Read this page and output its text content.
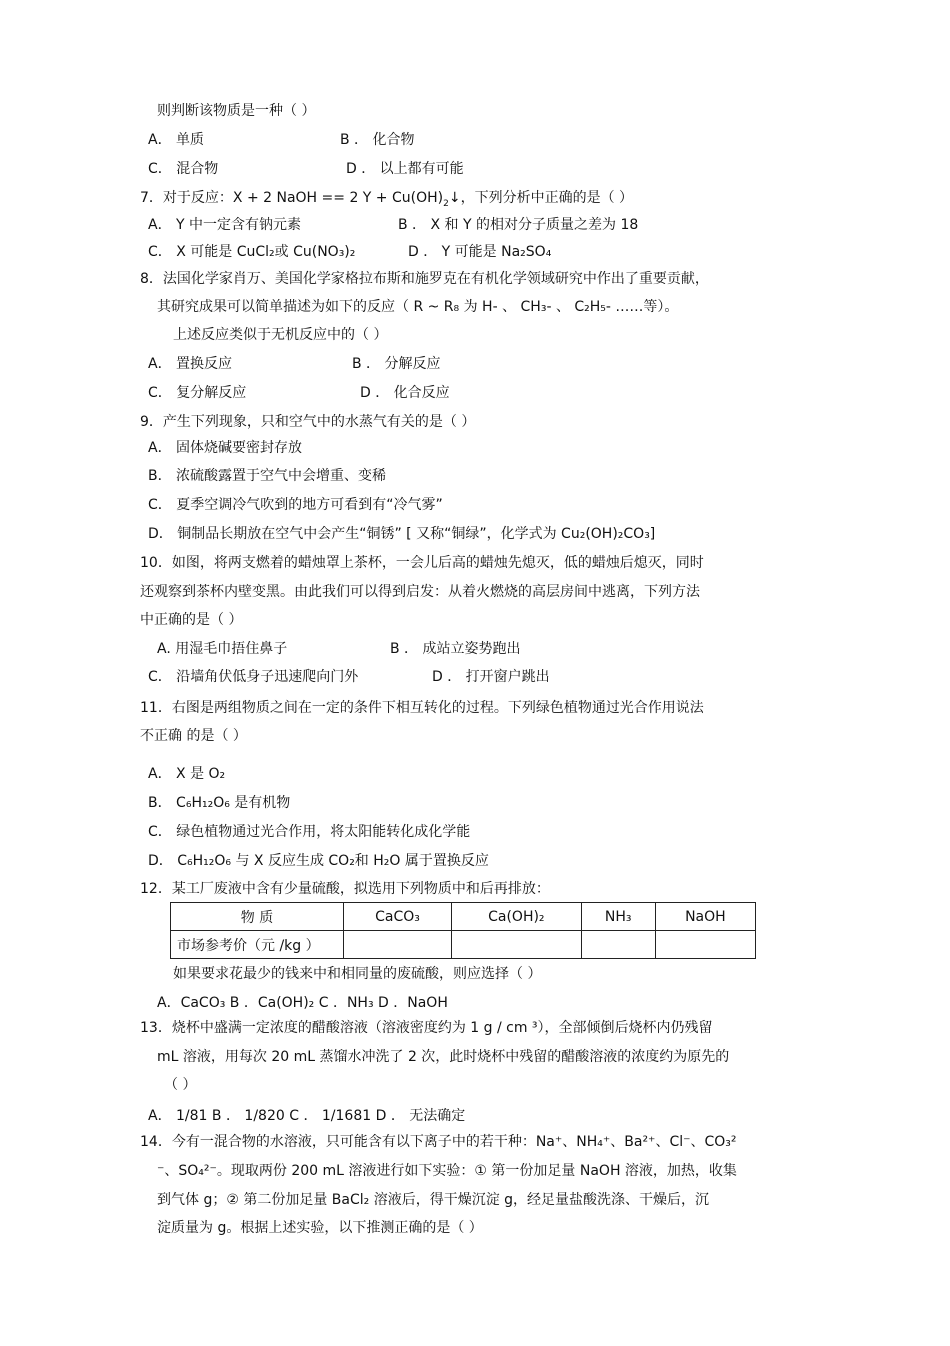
则判断该物质是一种（ ）
A． 单质	B ． 化合物
C． 混合物	D ． 以上都有可能
7．对于反应：X + 2 NaOH == 2 $Y + Cu(OH)_2↓$，下列分析中正确的是（ ）
A． Y 中一定含有钠元素	B ． X 和 Y 的相对分子质量之差为 18
C． X 可能是 CuCl₂或 Cu(NO₃)₂	D ． Y 可能是 Na₂SO₄
8．法国化学家肖万、美国化学家格拉布斯和施罗克在有机化学领域研究中作出了重要贡献，
其研究成果可以简单描述为如下的反应（ R ~ R₈ 为 H- 、 CH₃- 、 C₂H₅- ……等）。
上述反应类似于无机反应中的（ ）
A． 置换反应	B ． 分解反应
C． 复分解反应	D ． 化合反应
9．产生下列现象，只和空气中的水蒸气有关的是（ ）
A． 固体烧碱要密封存放
B． 浓硫酸露置于空气中会增重、变稀
C． 夏季空调冷气吹到的地方可看到有“冷气雾”
D． 铜制品长期放在空气中会产生“铜锈” [ 又称“铜绿”，化学式为 Cu₂(OH)₂CO₃]
10．如图，将两支燃着的蜡烛罩上茶杯，一会儿后高的蜡烛先熄灭，低的蜡烛后熄灭，同时
还观察到茶杯内壁变黑。由此我们可以得到启发：从着火燃烧的高层房间中逃离，下列方法
中正确的是（ ）
A. 用湿毛巾捂住鼻子	B ． 成站立姿势跑出
C． 沿墙角伏低身子迅速爬向门外	D ． 打开窗户跳出
11．右图是两组物质之间在一定的条件下相互转化的过程。下列绿色植物通过光合作用说法
不正确 的是（ ）
A． X 是 O₂
B． C₆H₁₂O₆ 是有机物
C． 绿色植物通过光合作用，将太阳能转化成化学能
D． C₆H₁₂O₆ 与 X 反应生成 CO₂和 H₂O 属于置换反应
12．某工厂废液中含有少量硫酸，拟选用下列物质中和后再排放：
物 质	CaCO₃	Ca(OH)₂	NH₃	NaOH
市场参考价（元 /kg ）				
如果要求花最少的钱来中和相同量的废硫酸，则应选择（ ）
A．CaCO₃ B ．Ca(OH)₂ C ．NH₃ D ．NaOH
13．烧杯中盛满一定浓度的醋酸溶液（溶液密度约为 1 g / cm ³），全部倾倒后烧杯内仍残留
mL 溶液，用每次 20 mL 蒸馏水冲洗了 2 次，此时烧杯中残留的醋酸溶液的浓度约为原先的
（ ）
A． 1/81 B ． 1/820 C ． 1/1681 D ． 无法确定
14．今有一混合物的水溶液，只可能含有以下离子中的若干种：Na⁺、NH₄⁺、Ba²⁺、Cl⁻、CO₃²
⁻、SO₄²⁻。现取两份 200 mL 溶液进行如下实验：① 第一份加足量 NaOH 溶液，加热，收集
到气体 g；② 第二份加足量 BaCl₂ 溶液后，得干燥沉淀 g，经足量盐酸洗涤、干燥后，沉
淀质量为 g。根据上述实验，以下推测正确的是（ ）
